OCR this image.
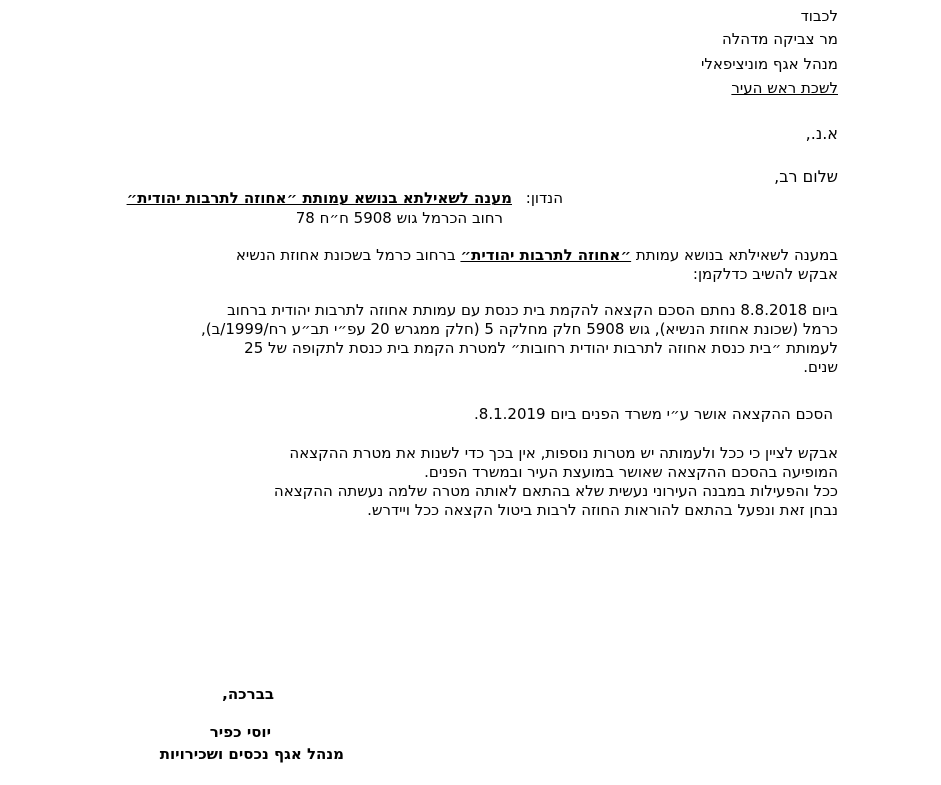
לכבוד
מר צביקה מדהלה
מנהל אגף מוניציפאלי
לשכת ראש העיר
א.נ.,
שלום רב,
הנדון:
מענה לשאילתא בנושא עמותת ״אחוזה לתרבות יהודית״
רחוב הכרמל גוש 5908 ח״ח 78
במענה לשאילתא בנושא עמותת ״אחוזה לתרבות יהודית״ ברחוב כרמל בשכונת אחוזת הנשיא
אבקש להשיב כדלקמן:
ביום 8.8.2018 נחתם הסכם הקצאה להקמת בית כנסת עם עמותת אחוזה לתרבות יהודית ברחוב
כרמל (שכונת אחוזת הנשיא), גוש 5908 חלק מחלקה 5 (חלק ממגרש 20 עפ״י תב״ע רח/1999/ב),
לעמותת ״בית כנסת אחוזה לתרבות יהודית רחובות״ למטרת הקמת בית כנסת לתקופה של 25
שנים.
הסכם ההקצאה אושר ע״י משרד הפנים ביום 8.1.2019.
אבקש לציין כי ככל ולעמותה יש מטרות נוספות, אין בכך כדי לשנות את מטרת ההקצאה
המופיעה בהסכם ההקצאה שאושר במועצת העיר ובמשרד הפנים.
ככל והפעילות במבנה העירוני נעשית שלא בהתאם לאותה מטרה שלמה נעשתה ההקצאה
נבחן זאת ונפעל בהתאם להוראות החוזה לרבות ביטול הקצאה ככל ויידרש.
בברכה,
יוסי כפיר
מנהל אגף נכסים ושכירויות
